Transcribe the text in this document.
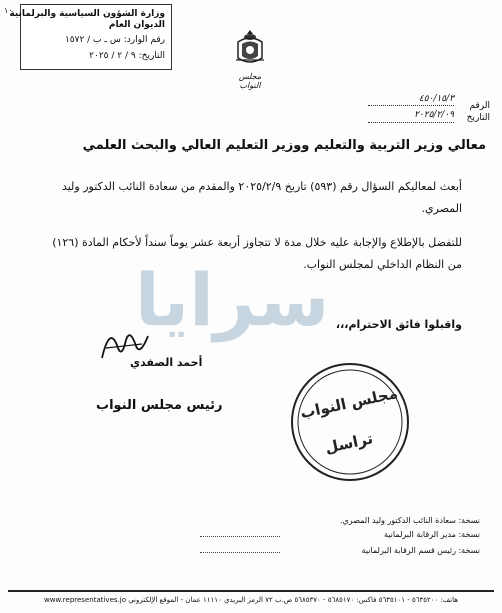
١٠
وزارة الشؤون السياسية والبرلمانية
الديوان العام
رقم الوارد: س ـ ب / ١٥٧٢
التاريخ: ٩ / ٢ / ٢٠٢٥
مجلس النواب
الرقم
٤٥٠/١٥/٣
التاريخ
٢٠٢٥/٢/٠٩
معالي وزير التربية والتعليم ووزير التعليم العالي والبحث العلمي
سرايا
أبعث لمعاليكم السؤال رقم (٥٩٣) تاريخ ٢٠٢٥/٢/٩ والمقدم من سعادة النائب الدكتور وليد المصري.
للتفضل بالإطلاع والإجابة عليه خلال مدة لا تتجاوز أربعة عشر يوماً سنداً لأحكام المادة (١٢٦) من النظام الداخلي لمجلس النواب.
واقبلوا فائق الاحترام،،،
أحمد الصفدي
رئيس مجلس النواب	مجلس النواب
تراسل
نسخة: سعادة النائب الدكتور وليد المصري.
نسخة: مدير الرقابة البرلمانية
نسخة: رئيس قسم الرقابة البرلمانية
هاتف: ٥٦٣٥٢٠٠ - ٥٦٣٥١٠١ فاكس: ٥٦٨٥١٧٠ - ٥٦٨٥٣٧٠ ص.ب ٧٢ الرمز البريدي ١١١١٠ عمان - الموقع الإلكتروني www.representatives.jo
